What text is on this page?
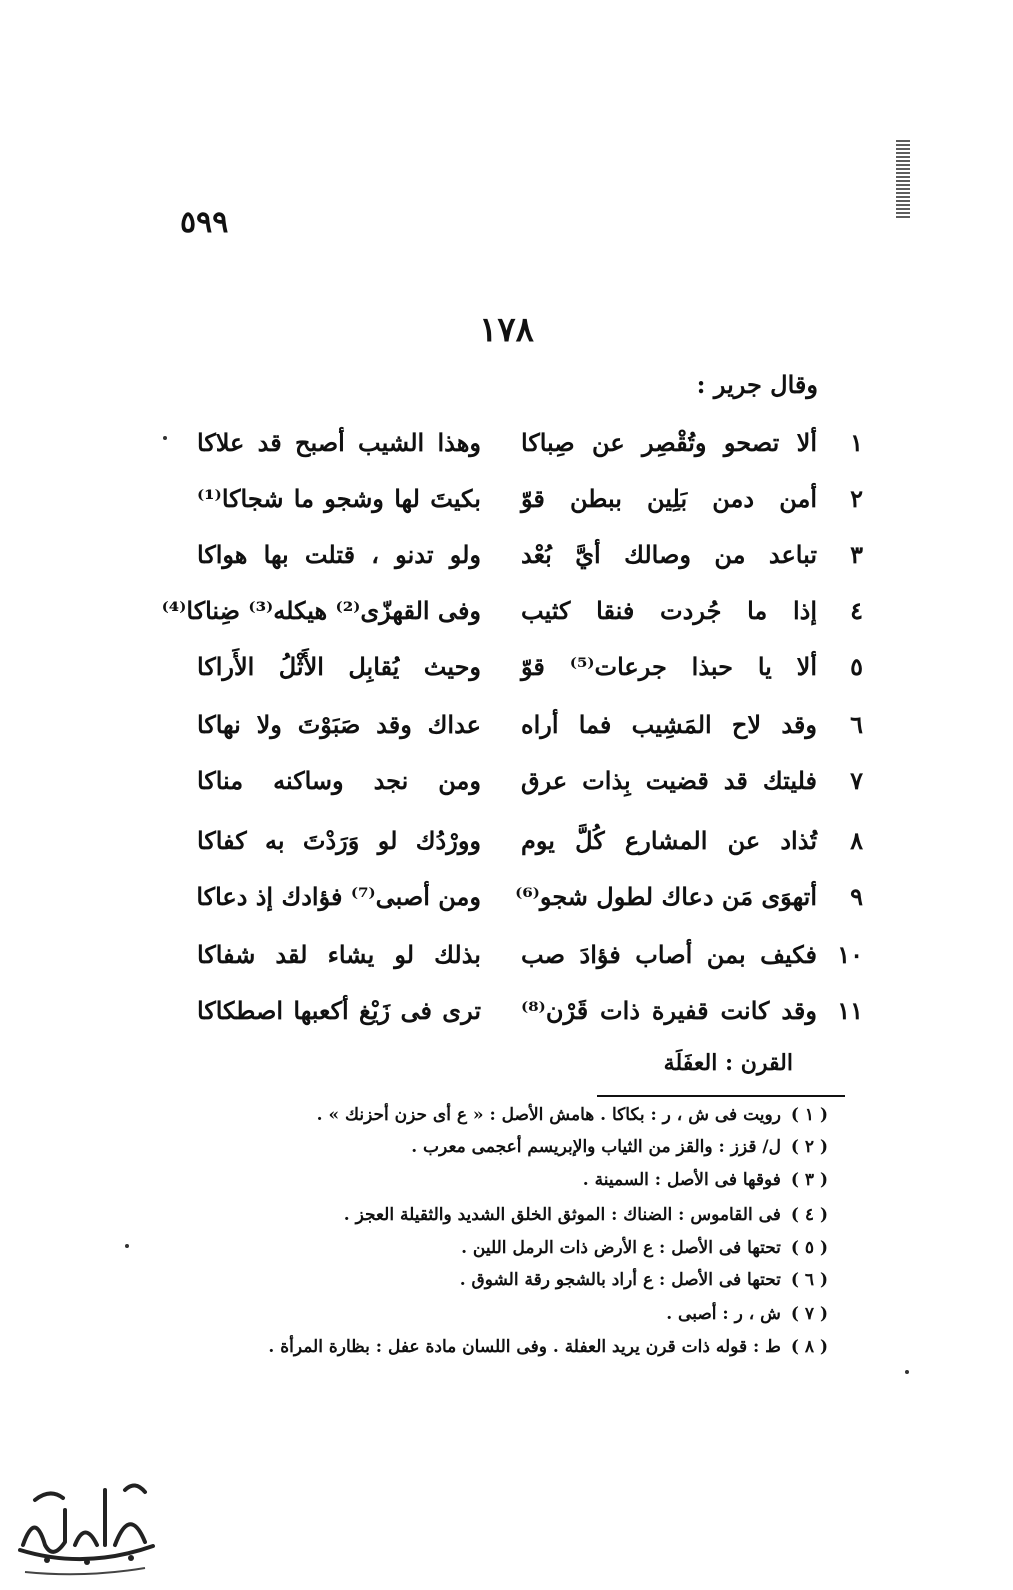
٥٩٩
١٧٨
وقال جرير :
١
ألا تصحو وتُقْصِر عن صِباكا
وهذا الشيب أصبح قد علاكا
٢
أمن دمن بَلِين ببطن قوّ
بكيتَ لها وشجو ما شجاكا⁽¹⁾
٣
تباعد من وصالك أيَّ بُعْد
ولو تدنو ، قتلت بها هواكا
٤
إذا ما جُردت فنقا كثيب
وفى القهزّى⁽²⁾ هيكله⁽³⁾ ضِناكا⁽⁴⁾
٥
ألا يا حبذا جرعات⁽⁵⁾ قوّ
وحيث يُقابِل الأَثْلُ الأَراكا
٦
وقد لاح المَشِيب فما أراه
عداك وقد صَبَوْتَ ولا نهاكا
٧
فليتك قد قضيت بِذات عرق
ومن نجد وساكنه مناكا
٨
تُذاد عن المشارع كُلَّ يوم
وورْدُك لو وَرَدْتَ به كفاكا
٩
أتهوَى مَن دعاك لطول شجو⁽⁶⁾
ومن أصبى⁽⁷⁾ فؤادك إذ دعاكا
١٠
فكيف بمن أصاب فؤادَ صب
بذلك لو يشاء لقد شفاكا
١١
وقد كانت قفيرة ذات قَرْن⁽⁸⁾
ترى فى زَيْغ أكعبها اصطكاكا
القرن : العفَلَة
( ١ )رويت فى ش ، ر : بكاكا . هامش الأصل : « ع أى حزن أحزنك » .
( ٢ )ل/ قزز : والقز من الثياب والإبريسم أعجمى معرب .
( ٣ )فوقها فى الأصل : السمينة .
( ٤ )فى القاموس : الضناك : الموثق الخلق الشديد والثقيلة العجز .
( ٥ )تحتها فى الأصل : ع الأرض ذات الرمل اللين .
( ٦ )تحتها فى الأصل : ع أراد بالشجو رقة الشوق .
( ٧ )ش ، ر : أصبى .
( ٨ )ط : قوله ذات قرن يريد العفلة . وفى اللسان مادة عفل : بظارة المرأة .
